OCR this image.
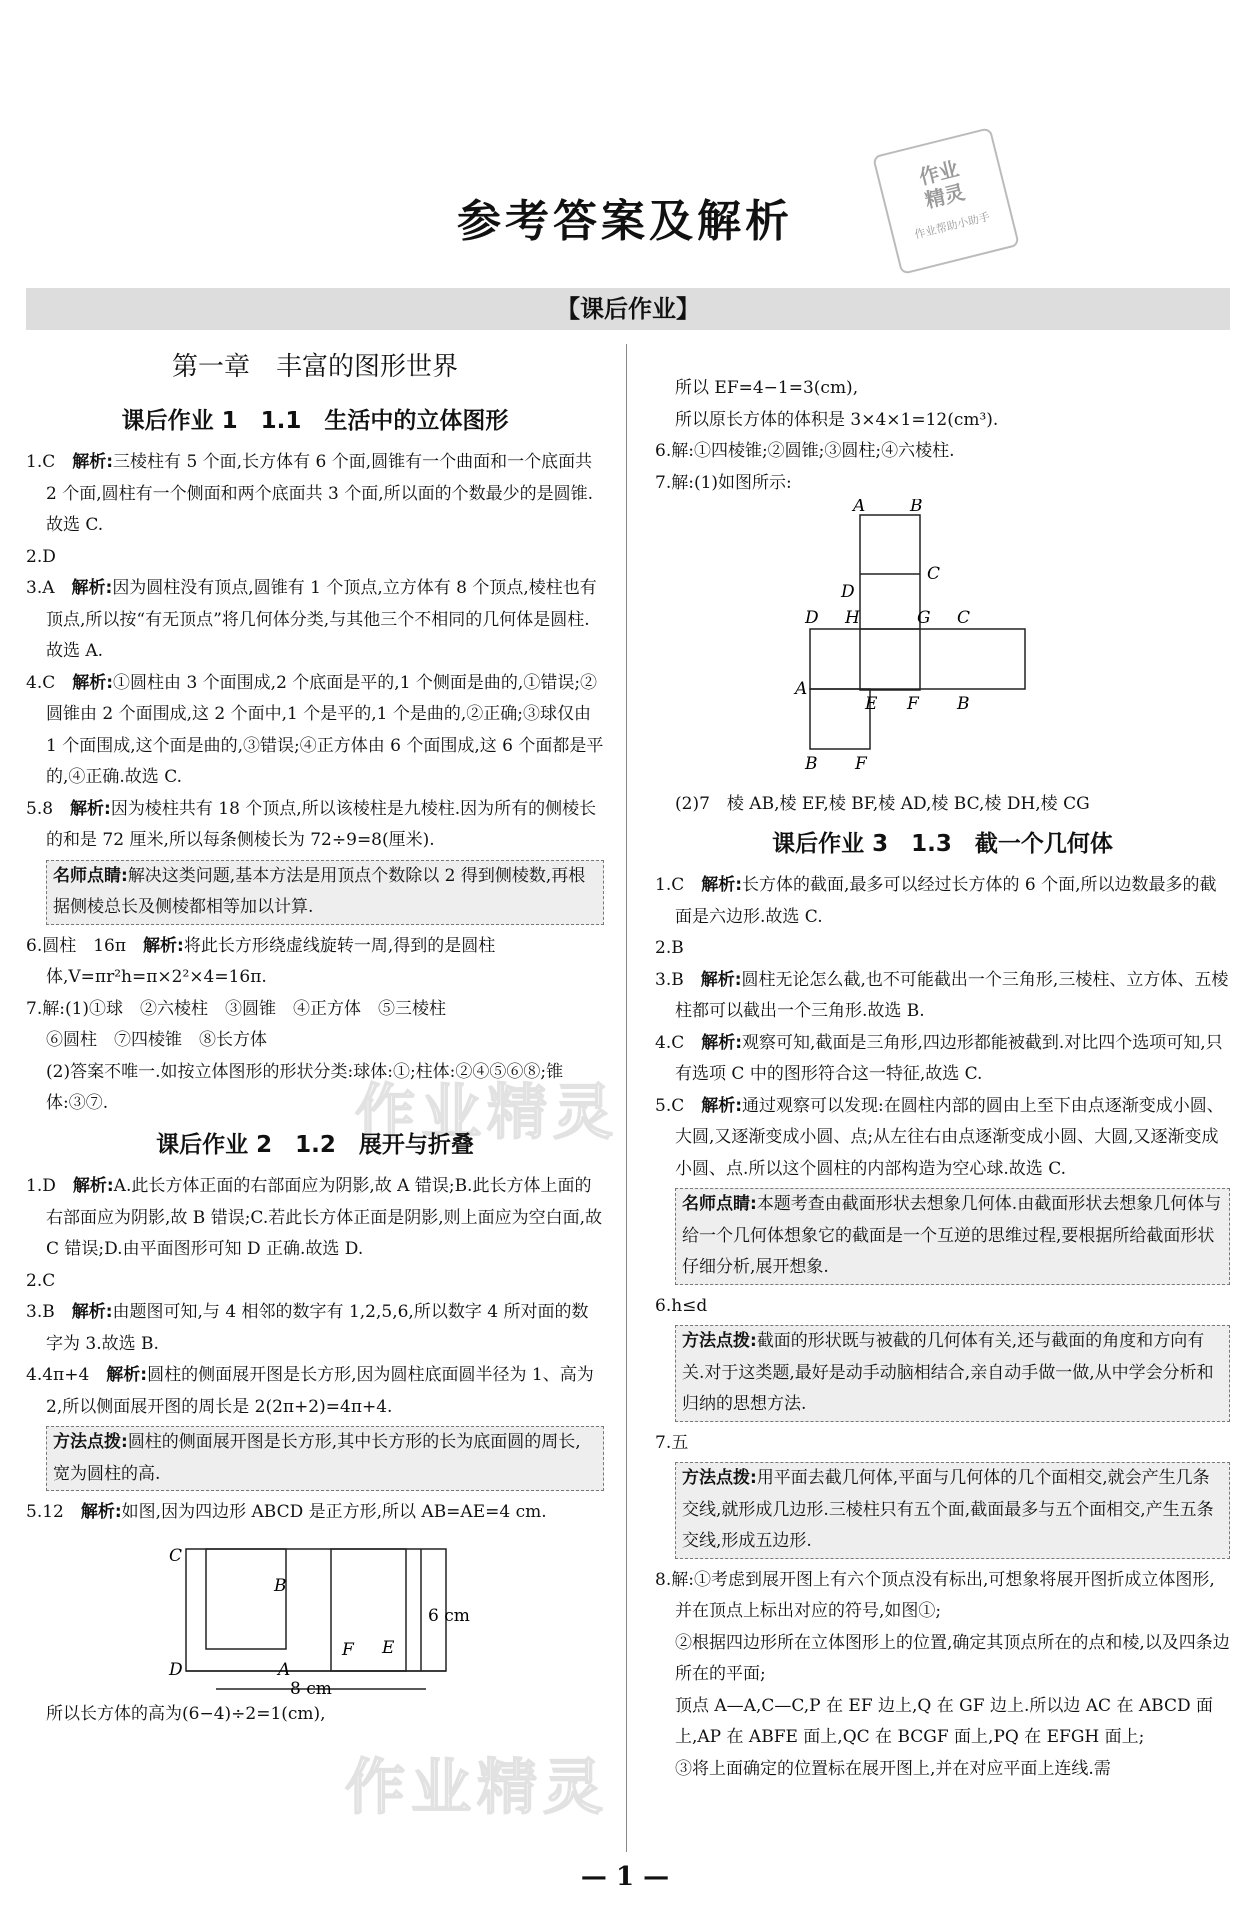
参考答案及解析
作业
精灵
作业帮助小助手
【课后作业】
作业精灵
作业精灵
第一章　丰富的图形世界
课后作业 1　1.1　生活中的立体图形

1.C　 解析:三棱柱有 5 个面,长方体有 6 个面,圆锥有一个曲面和一个底面共 2 个面,圆柱有一个侧面和两个底面共 3 个面,所以面的个数最少的是圆锥.故选 C.

2.D

3.A　 解析:因为圆柱没有顶点,圆锥有 1 个顶点,立方体有 8 个顶点,棱柱也有顶点,所以按“有无顶点”将几何体分类,与其他三个不相同的几何体是圆柱.故选 A.

4.C　 解析:①圆柱由 3 个面围成,2 个底面是平的,1 个侧面是曲的,①错误;②圆锥由 2 个面围成,这 2 个面中,1 个是平的,1 个是曲的,②正确;③球仅由 1 个面围成,这个面是曲的,③错误;④正方体由 6 个面围成,这 6 个面都是平的,④正确.故选 C.

5.8　 解析:因为棱柱共有 18 个顶点,所以该棱柱是九棱柱.因为所有的侧棱长的和是 72 厘米,所以每条侧棱长为 72÷9=8(厘米).

名师点睛:解决这类问题,基本方法是用顶点个数除以 2 得到侧棱数,再根据侧棱总长及侧棱都相等加以计算.

6.圆柱　16π　 解析:将此长方形绕虚线旋转一周,得到的是圆柱体,V=πr²h=π×2²×4=16π.

7.解:(1)①球　②六棱柱　③圆锥　④正方体　⑤三棱柱

⑥圆柱　⑦四棱锥　⑧长方体

(2)答案不唯一.如按立体图形的形状分类:球体:①;柱体:②④⑤⑥⑧;锥体:③⑦.

课后作业 2　1.2　展开与折叠

1.D　 解析:A.此长方体正面的右部面应为阴影,故 A 错误;B.此长方体上面的右部面应为阴影,故 B 错误;C.若此长方体正面是阴影,则上面应为空白面,故 C 错误;D.由平面图形可知 D 正确.故选 D.

2.C

3.B　 解析:由题图可知,与 4 相邻的数字有 1,2,5,6,所以数字 4 所对面的数字为 3.故选 B.

4.4π+4　 解析:圆柱的侧面展开图是长方形,因为圆柱底面圆半径为 1、高为 2,所以侧面展开图的周长是 2(2π+2)=4π+4.

方法点拨:圆柱的侧面展开图是长方形,其中长方形的长为底面圆的周长,宽为圆柱的高.

5.12　 解析:如图,因为四边形 ABCD 是正方形,所以 AB=AE=4 cm.

C
B
D	A
F E
6 cm
8 cm

所以长方体的高为(6−4)÷2=1(cm),

所以 EF=4−1=3(cm),

所以原长方体的体积是 3×4×1=12(cm³).

6.解:①四棱锥;②圆锥;③圆柱;④六棱柱.

7.解:(1)如图所示:

A	B
C
D
D H	G C
A
E F B
B F

(2)7　棱 AB,棱 EF,棱 BF,棱 AD,棱 BC,棱 DH,棱 CG

课后作业 3　1.3　截一个几何体

1.C　 解析:长方体的截面,最多可以经过长方体的 6 个面,所以边数最多的截面是六边形.故选 C.

2.B

3.B　 解析:圆柱无论怎么截,也不可能截出一个三角形,三棱柱、立方体、五棱柱都可以截出一个三角形.故选 B.

4.C　 解析:观察可知,截面是三角形,四边形都能被截到.对比四个选项可知,只有选项 C 中的图形符合这一特征,故选 C.

5.C　 解析:通过观察可以发现:在圆柱内部的圆由上至下由点逐渐变成小圆、大圆,又逐渐变成小圆、点;从左往右由点逐渐变成小圆、大圆,又逐渐变成小圆、点.所以这个圆柱的内部构造为空心球.故选 C.

名师点睛:本题考查由截面形状去想象几何体.由截面形状去想象几何体与给一个几何体想象它的截面是一个互逆的思维过程,要根据所给截面形状仔细分析,展开想象.

6.h≤d

方法点拨:截面的形状既与被截的几何体有关,还与截面的角度和方向有关.对于这类题,最好是动手动脑相结合,亲自动手做一做,从中学会分析和归纳的思想方法.

7.五

方法点拨:用平面去截几何体,平面与几何体的几个面相交,就会产生几条交线,就形成几边形.三棱柱只有五个面,截面最多与五个面相交,产生五条交线,形成五边形.

8.解:①考虑到展开图上有六个顶点没有标出,可想象将展开图折成立体图形,并在顶点上标出对应的符号,如图①;

②根据四边形所在立体图形上的位置,确定其顶点所在的点和棱,以及四条边所在的平面;

顶点 A—A,C—C,P 在 EF 边上,Q 在 GF 边上.所以边 AC 在 ABCD 面上,AP 在 ABFE 面上,QC 在 BCGF 面上,PQ 在 EFGH 面上;

③将上面确定的位置标在展开图上,并在对应平面上连线.需

— 1 —
